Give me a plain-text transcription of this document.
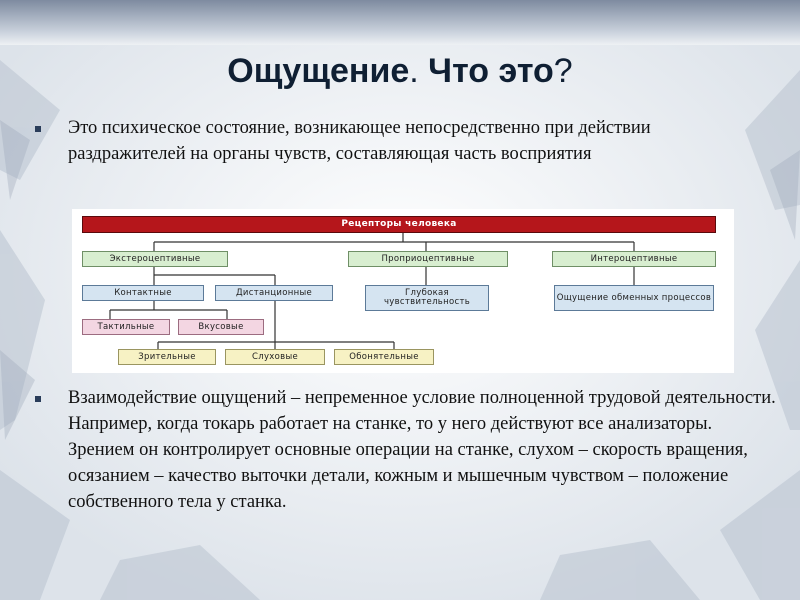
Ощущение. Что это?

Это психическое состояние, возникающее непосредственно при действии раздражителей на органы чувств, составляющая часть восприятия

Рецепторы человека
Экстероцептивные	Проприоцептивные	Интероцептивные
Контактные	Дистанционные	Глубокая чувствительность	Ощущение обменных процессов
Тактильные	Вкусовые
Зрительные	Слуховые	Обонятельные

Взаимодействие ощущений – непременное условие полноценной трудовой деятельности. Например, когда токарь работает на станке, то у него действуют все анализаторы. Зрением он контролирует основные операции на станке, слухом – скорость вращения, осязанием – качество выточки детали, кожным и мышечным чувством – положение собственного тела у станка.
